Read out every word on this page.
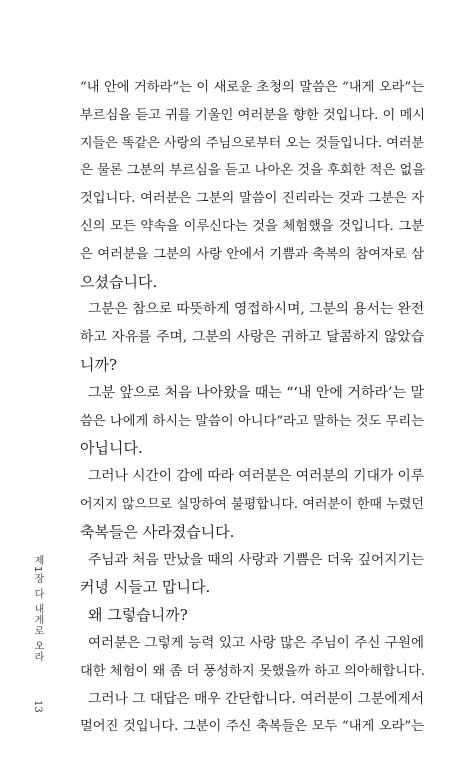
“내 안에 거하라”는 이 새로운 초청의 말씀은 “내게 오라”는
부르심을 듣고 귀를 기울인 여러분을 향한 것입니다. 이 메시
지들은 똑같은 사랑의 주님으로부터 오는 것들입니다. 여러분
은 물론 그분의 부르심을 듣고 나아온 것을 후회한 적은 없을
것입니다. 여러분은 그분의 말씀이 진리라는 것과 그분은 자
신의 모든 약속을 이루신다는 것을 체험했을 것입니다. 그분
은 여러분을 그분의 사랑 안에서 기쁨과 축복의 참여자로 삼
으셨습니다.
그분은 참으로 따뜻하게 영접하시며, 그분의 용서는 완전
하고 자유를 주며, 그분의 사랑은 귀하고 달콤하지 않았습
니까?
그분 앞으로 처음 나아왔을 때는 “‘내 안에 거하라’는 말
씀은 나에게 하시는 말씀이 아니다”라고 말하는 것도 무리는
아닙니다.
그러나 시간이 감에 따라 여러분은 여러분의 기대가 이루
어지지 않으므로 실망하여 불평합니다. 여러분이 한때 누렸던
축복들은 사라졌습니다.
주님과 처음 만났을 때의 사랑과 기쁨은 더욱 깊어지기는
커녕 시들고 맙니다.
왜 그렇습니까?
여러분은 그렇게 능력 있고 사랑 많은 주님이 주신 구원에
대한 체험이 왜 좀 더 풍성하지 못했을까 하고 의아해합니다.
그러나 그 대답은 매우 간단합니다. 여러분이 그분에게서
멀어진 것입니다. 그분이 주신 축복들은 모두 “내게 오라”는
제1장 다 내게로 오라
13
